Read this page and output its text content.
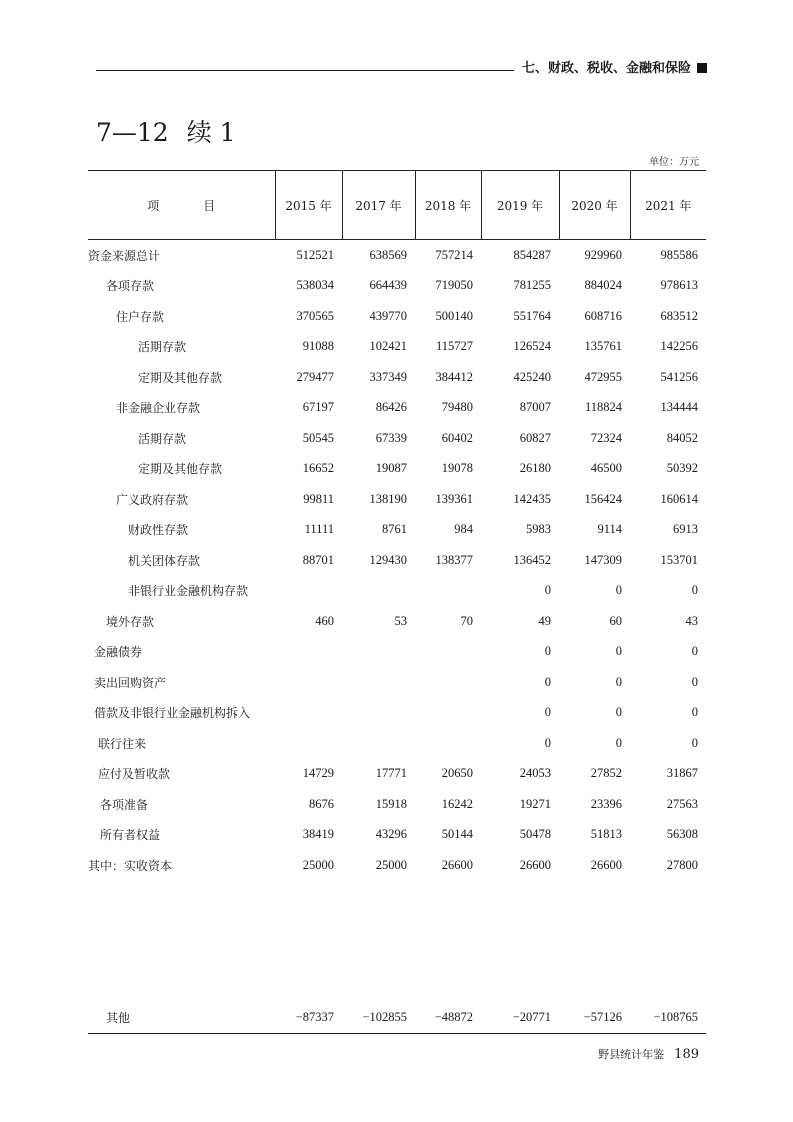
七、财政、税收、金融和保险
7—12 续 1
单位：万元
项　目	2015 年	2017 年	2018 年	2019 年	2020 年	2021 年
资金来源总计	512521	638569	757214	854287	929960	985586
各项存款	538034	664439	719050	781255	884024	978613
住户存款	370565	439770	500140	551764	608716	683512
活期存款	91088	102421	115727	126524	135761	142256
定期及其他存款	279477	337349	384412	425240	472955	541256
非金融企业存款	67197	86426	79480	87007	118824	134444
活期存款	50545	67339	60402	60827	72324	84052
定期及其他存款	16652	19087	19078	26180	46500	50392
广义政府存款	99811	138190	139361	142435	156424	160614
财政性存款	11111	8761	984	5983	9114	6913
机关团体存款	88701	129430	138377	136452	147309	153701
非银行业金融机构存款				0	0	0
境外存款	460	53	70	49	60	43
金融债券				0	0	0
卖出回购资产				0	0	0
借款及非银行业金融机构拆入				0	0	0
联行往来				0	0	0
应付及暂收款	14729	17771	20650	24053	27852	31867
各项准备	8676	15918	16242	19271	23396	27563
所有者权益	38419	43296	50144	50478	51813	56308
其中：实收资本	25000	25000	26600	26600	26600	27800

其他	−87337	−102855	−48872	−20771	−57126	−108765
野县统计年鉴 189
